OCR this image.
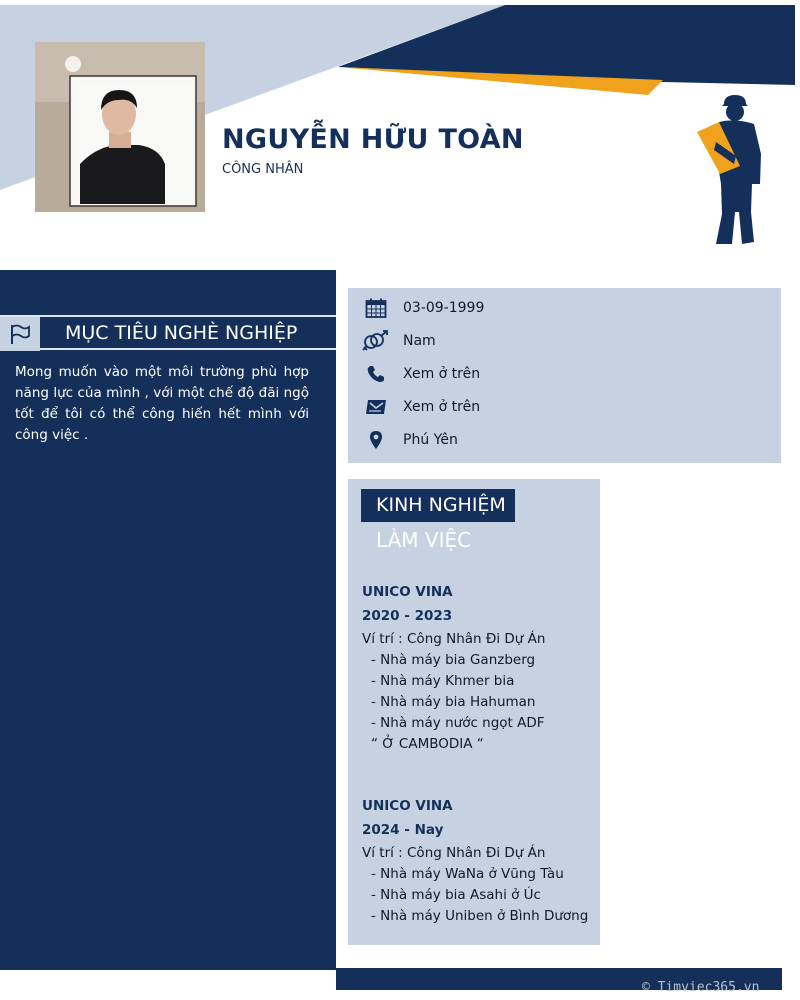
NGUYỄN HỮU TOÀN
CÔNG NHÂN
MỤC TIÊU NGHÈ NGHIỆP
Mong muốn vào một môi trường phù hợp năng lực của mình , với một chế độ đãi ngộ tốt để tôi có thể công hiến hết mình với công việc .
03-09-1999
Nam
Xem ở trên
Xem ở trên
Phú Yên
KINH NGHIỆM
LÀM VIỆC
UNICO VINA
2020 - 2023
Ví trí : Công Nhân Đi Dự Án
- Nhà máy bia Ganzberg
- Nhà máy Khmer bia
- Nhà máy bia Hahuman
- Nhà máy nước ngọt ADF
“ Ở CAMBODIA “
UNICO VINA
2024 - Nay
Ví trí : Công Nhân Đi Dự Án
- Nhà máy WaNa ở Vũng Tàu
- Nhà máy bia Asahi ở Úc
- Nhà máy Uniben ở Bình Dương
© Timviec365.vn
